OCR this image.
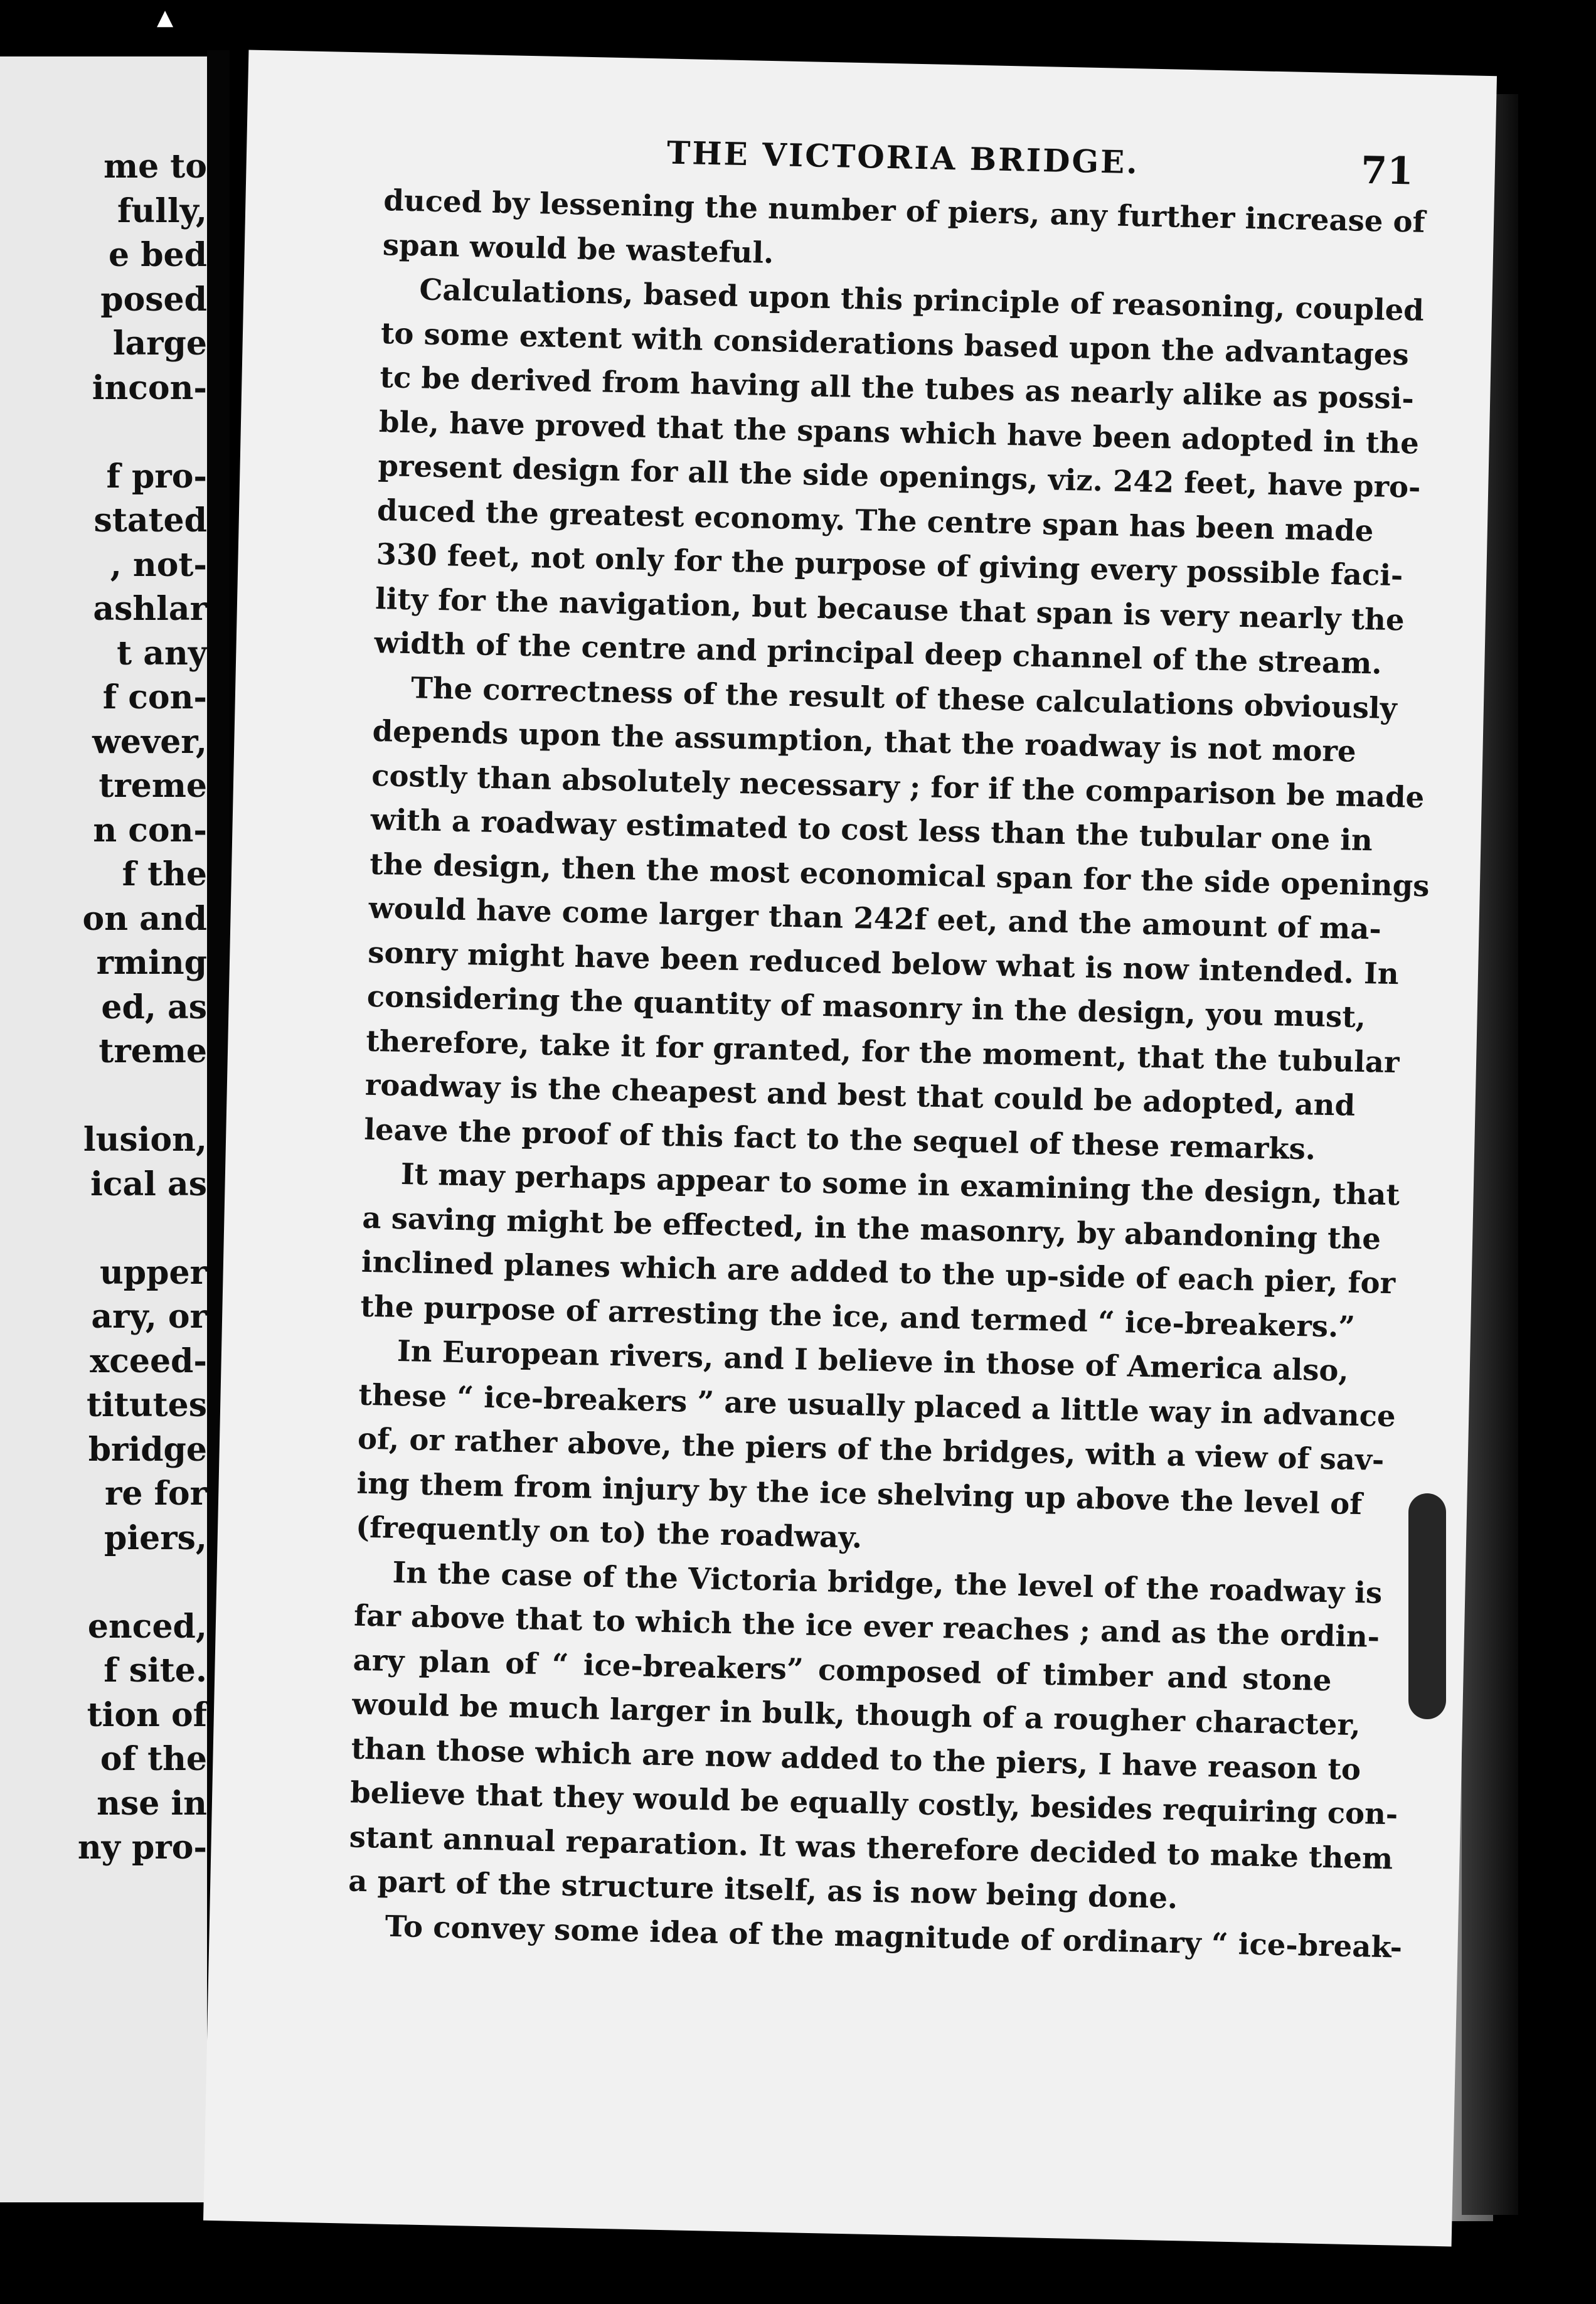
▲
me to
fully,
e bed
posed
large
incon-
f pro-
stated
, not-
ashlar
t any
f con-
wever,
treme
n con-
f the
on and
rming
ed, as
treme
lusion,
ical as
upper
ary, or
xceed-
titutes
bridge
re for
piers,
enced,
f site.
tion of
of the
nse in
ny pro-
THE VICTORIA BRIDGE.	71
duced by lessening the number of piers, any further increase of
span would be wasteful.
Calculations, based upon this principle of reasoning, coupled
to some extent with considerations based upon the advantages
tc be derived from having all the tubes as nearly alike as possi-
ble, have proved that the spans which have been adopted in the
present design for all the side openings, viz. 242 feet, have pro-
duced the greatest economy. The centre span has been made
330 feet, not only for the purpose of giving every possible faci-
lity for the navigation, but because that span is very nearly the
width of the centre and principal deep channel of the stream.
The correctness of the result of these calculations obviously
depends upon the assumption, that the roadway is not more
costly than absolutely necessary ; for if the comparison be made
with a roadway estimated to cost less than the tubular one in
the design, then the most economical span for the side openings
would have come larger than 242f eet, and the amount of ma-
sonry might have been reduced below what is now intended. In
considering the quantity of masonry in the design, you must,
therefore, take it for granted, for the moment, that the tubular
roadway is the cheapest and best that could be adopted, and
leave the proof of this fact to the sequel of these remarks.
It may perhaps appear to some in examining the design, that
a saving might be effected, in the masonry, by abandoning the
inclined planes which are added to the up-side of each pier, for
the purpose of arresting the ice, and termed “ ice-breakers.”
In European rivers, and I believe in those of America also,
these “ ice-breakers ” are usually placed a little way in advance
of, or rather above, the piers of the bridges, with a view of sav-
ing them from injury by the ice shelving up above the level of
(frequently on to) the roadway.
In the case of the Victoria bridge, the level of the roadway is
far above that to which the ice ever reaches ; and as the ordin-
ary plan of “ ice-breakers” composed of timber and stone
would be much larger in bulk, though of a rougher character,
than those which are now added to the piers, I have reason to
believe that they would be equally costly, besides requiring con-
stant annual reparation. It was therefore decided to make them
a part of the structure itself, as is now being done.
To convey some idea of the magnitude of ordinary “ ice-break-
